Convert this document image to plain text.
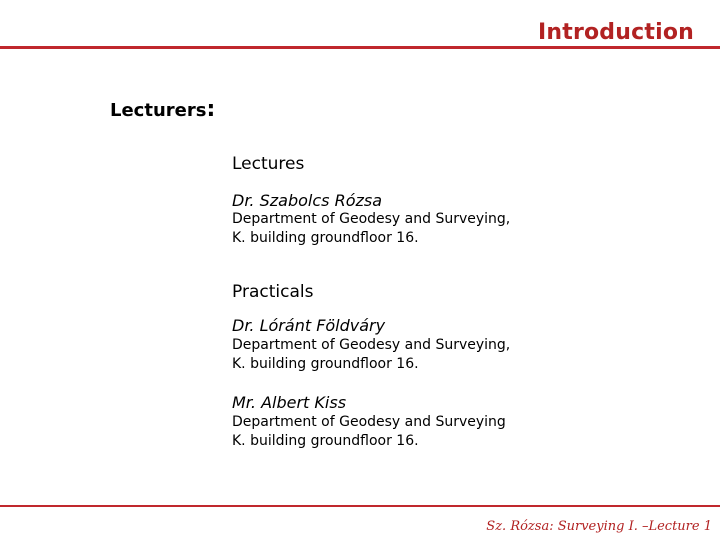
Introduction
Lecturers:
Lectures
Dr. Szabolcs Rózsa
Department of Geodesy and Surveying,
K. building groundfloor 16.
Practicals
Dr. Lóránt Földváry
Department of Geodesy and Surveying,
K. building groundfloor 16.
Mr. Albert Kiss
Department of Geodesy and Surveying
K. building groundfloor 16.
Sz. Rózsa: Surveying I. –Lecture 1
